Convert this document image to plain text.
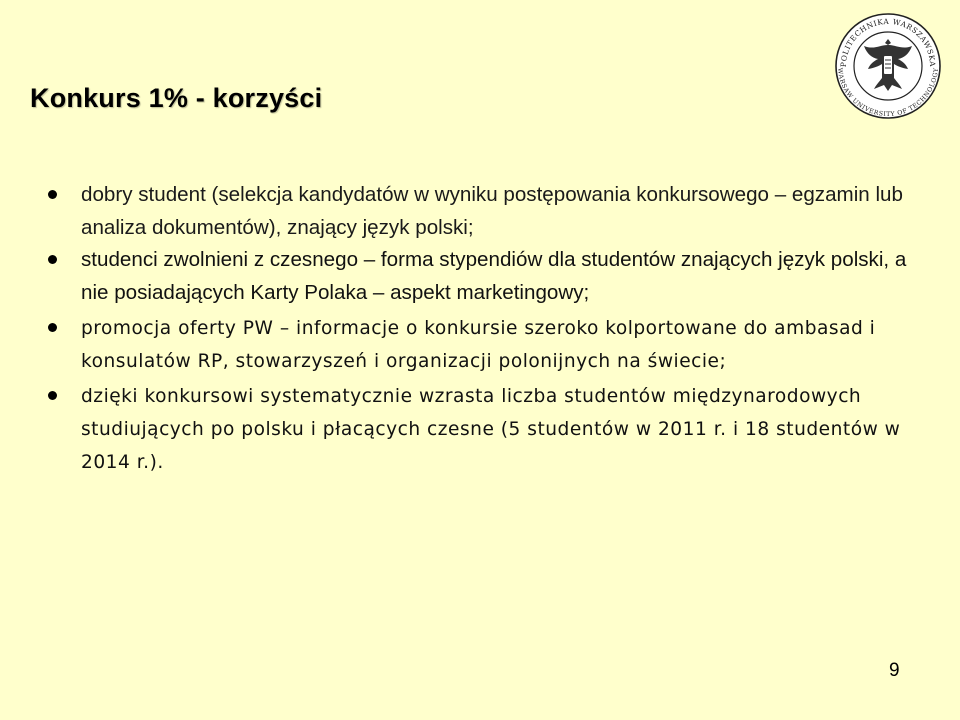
Konkurs 1% - korzyści
POLITECHNIKA WARSZAWSKA
WARSAW UNIVERSITY OF TECHNOLOGY
dobry student (selekcja kandydatów w wyniku postępowania konkursowego – egzamin lub analiza dokumentów), znający język polski;
studenci zwolnieni z czesnego – forma stypendiów dla studentów znających język polski, a nie posiadających Karty Polaka – aspekt marketingowy;
promocja oferty PW – informacje o konkursie szeroko kolportowane do ambasad i konsulatów RP, stowarzyszeń i organizacji polonijnych na świecie;
dzięki konkursowi systematycznie wzrasta liczba studentów międzynarodowych studiujących po polsku i płacących czesne (5 studentów w 2011 r. i 18 studentów w 2014 r.).
9
